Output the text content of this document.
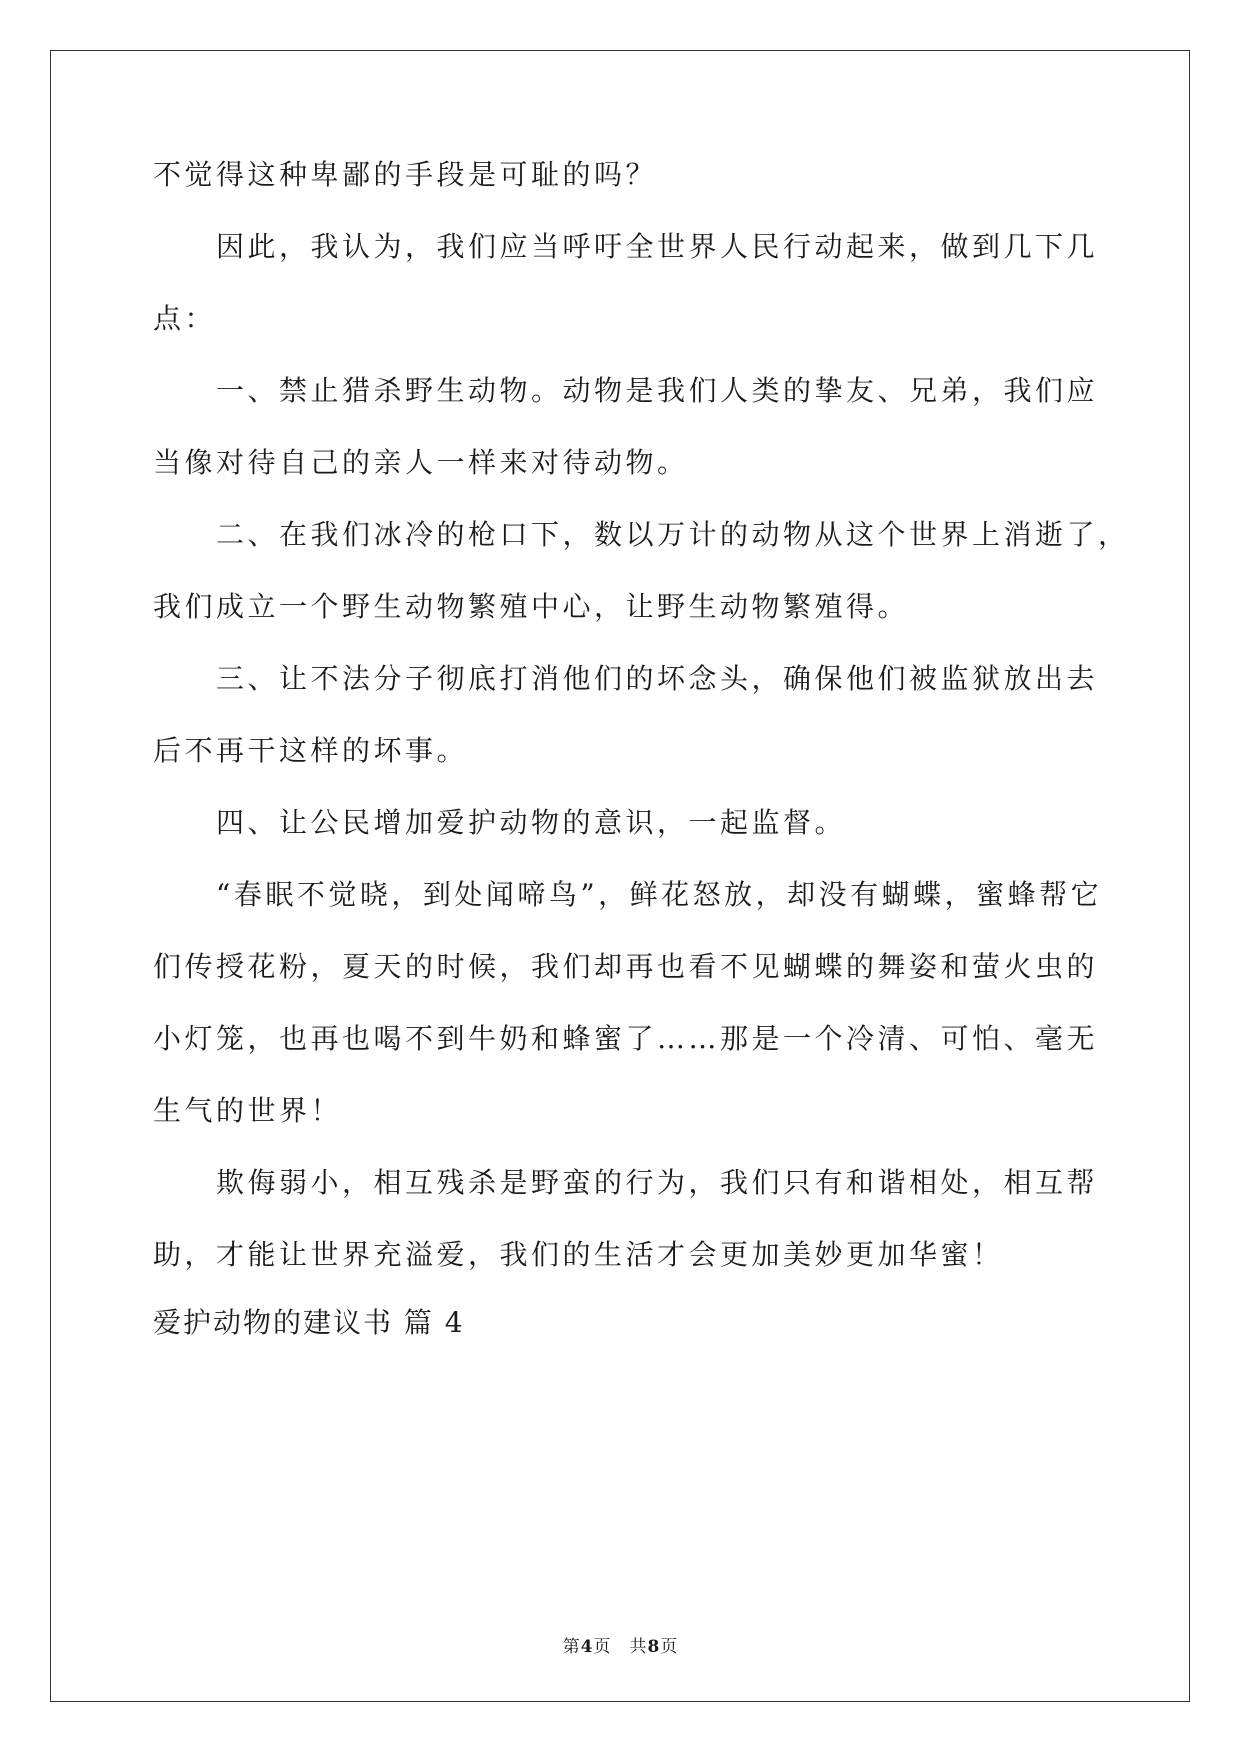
不觉得这种卑鄙的手段是可耻的吗？

　　因此，我认为，我们应当呼吁全世界人民行动起来，做到几下几

点：

　　一、禁止猎杀野生动物。动物是我们人类的挚友、兄弟，我们应

当像对待自己的亲人一样来对待动物。

　　二、在我们冰冷的枪口下，数以万计的动物从这个世界上消逝了，

我们成立一个野生动物繁殖中心，让野生动物繁殖得。

　　三、让不法分子彻底打消他们的坏念头，确保他们被监狱放出去

后不再干这样的坏事。

　　四、让公民增加爱护动物的意识，一起监督。

　　“春眠不觉晓，到处闻啼鸟”，鲜花怒放，却没有蝴蝶，蜜蜂帮它

们传授花粉，夏天的时候，我们却再也看不见蝴蝶的舞姿和萤火虫的

小灯笼，也再也喝不到牛奶和蜂蜜了……那是一个冷清、可怕、毫无

生气的世界！

　　欺侮弱小，相互残杀是野蛮的行为，我们只有和谐相处，相互帮

助，才能让世界充溢爱，我们的生活才会更加美妙更加华蜜！

爱护动物的建议书 篇 4

第4页　共8页
